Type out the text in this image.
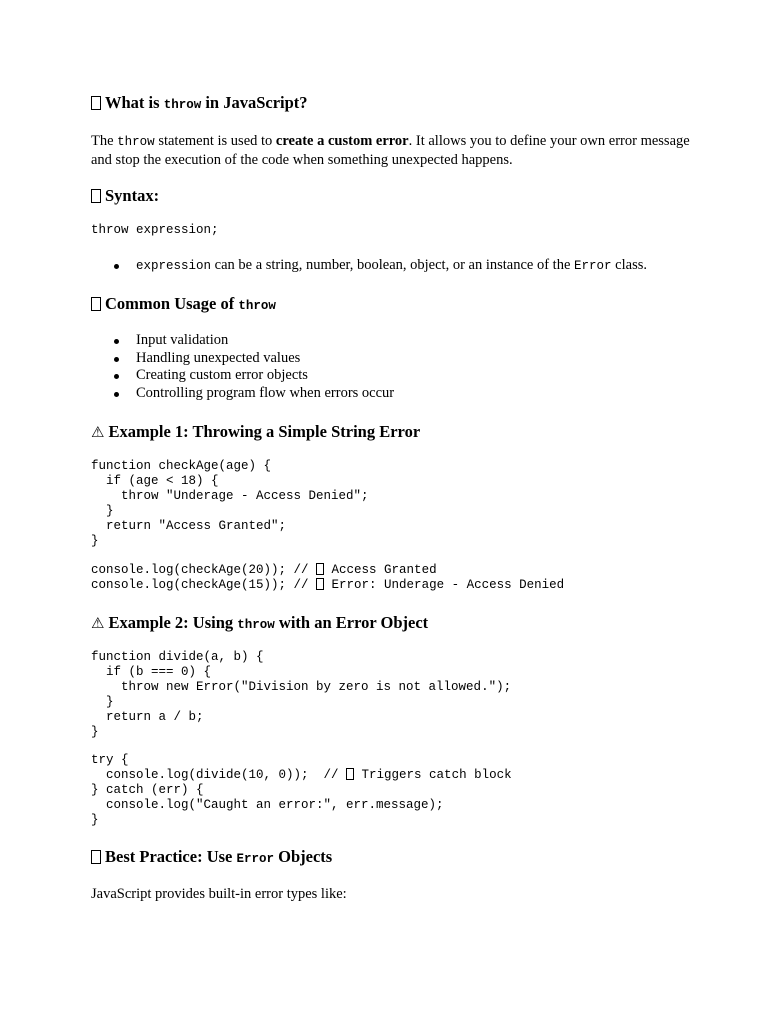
What is throw in JavaScript?

The throw statement is used to create a custom error. It allows you to define your own error message and stop the execution of the code when something unexpected happens.

Syntax:
throw expression;
expression can be a string, number, boolean, object, or an instance of the Error class.
Common Usage of throw
Input validation
Handling unexpected values
Creating custom error objects
Controlling program flow when errors occur
⚠ Example 1: Throwing a Simple String Error
function checkAge(age) {
if (age < 18) {
throw "Underage - Access Denied";
}
return "Access Granted";
}
console.log(checkAge(20)); //  Access Granted
console.log(checkAge(15)); //  Error: Underage - Access Denied
⚠ Example 2: Using throw with an Error Object
function divide(a, b) {
if (b === 0) {
throw new Error("Division by zero is not allowed.");
}
return a / b;
}
try {
console.log(divide(10, 0));  //  Triggers catch block
} catch (err) {
console.log("Caught an error:", err.message);
}
Best Practice: Use Error Objects

JavaScript provides built-in error types like:
